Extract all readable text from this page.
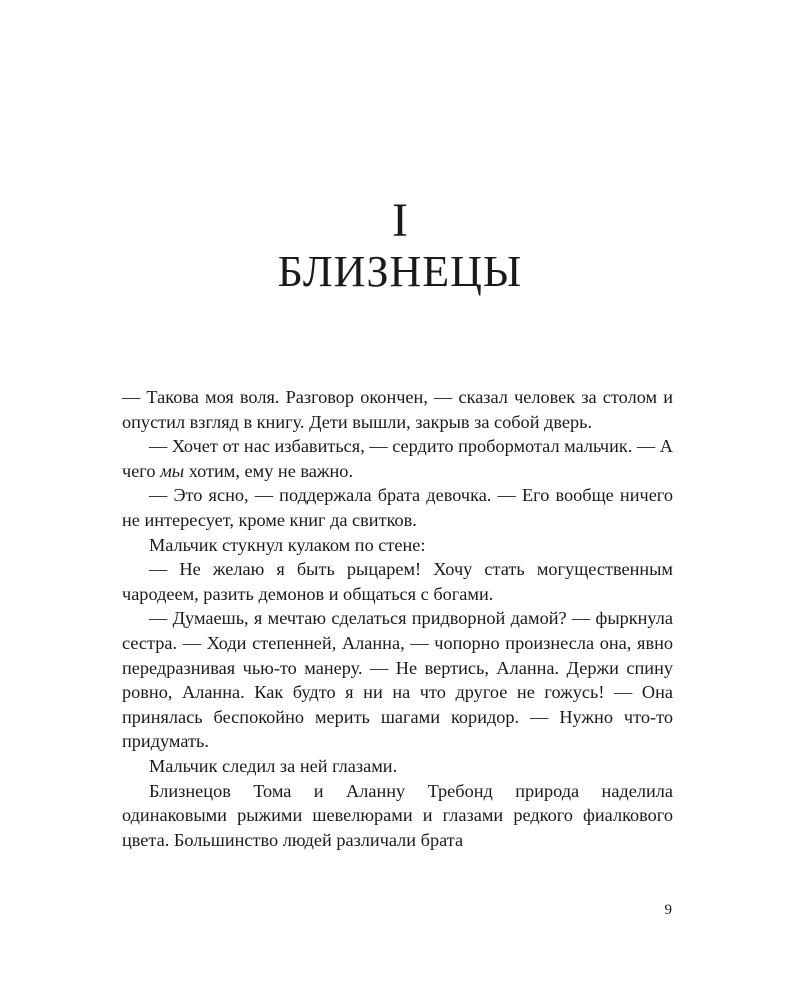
I
БЛИЗНЕЦЫ

— Такова моя воля. Разговор окончен, — сказал человек за столом и опустил взгляд в книгу. Дети вышли, закрыв за собой дверь.

— Хочет от нас избавиться, — сердито пробормотал мальчик. — А чего мы хотим, ему не важно.

— Это ясно, — поддержала брата девочка. — Его вообще ничего не интересует, кроме книг да свитков.

Мальчик стукнул кулаком по стене:

— Не желаю я быть рыцарем! Хочу стать могущественным чародеем, разить демонов и общаться с богами.

— Думаешь, я мечтаю сделаться придворной дамой? — фыркнула сестра. — Ходи степенней, Аланна, — чопорно произнесла она, явно передразнивая чью-то манеру. — Не вертись, Аланна. Держи спину ровно, Аланна. Как будто я ни на что другое не гожусь! — Она принялась беспокойно мерить шагами коридор. — Нужно что-то придумать.

Мальчик следил за ней глазами.

Близнецов Тома и Аланну Требонд природа наделила одинаковыми рыжими шевелюрами и глазами редкого фиалкового цвета. Большинство людей различали брата

9
